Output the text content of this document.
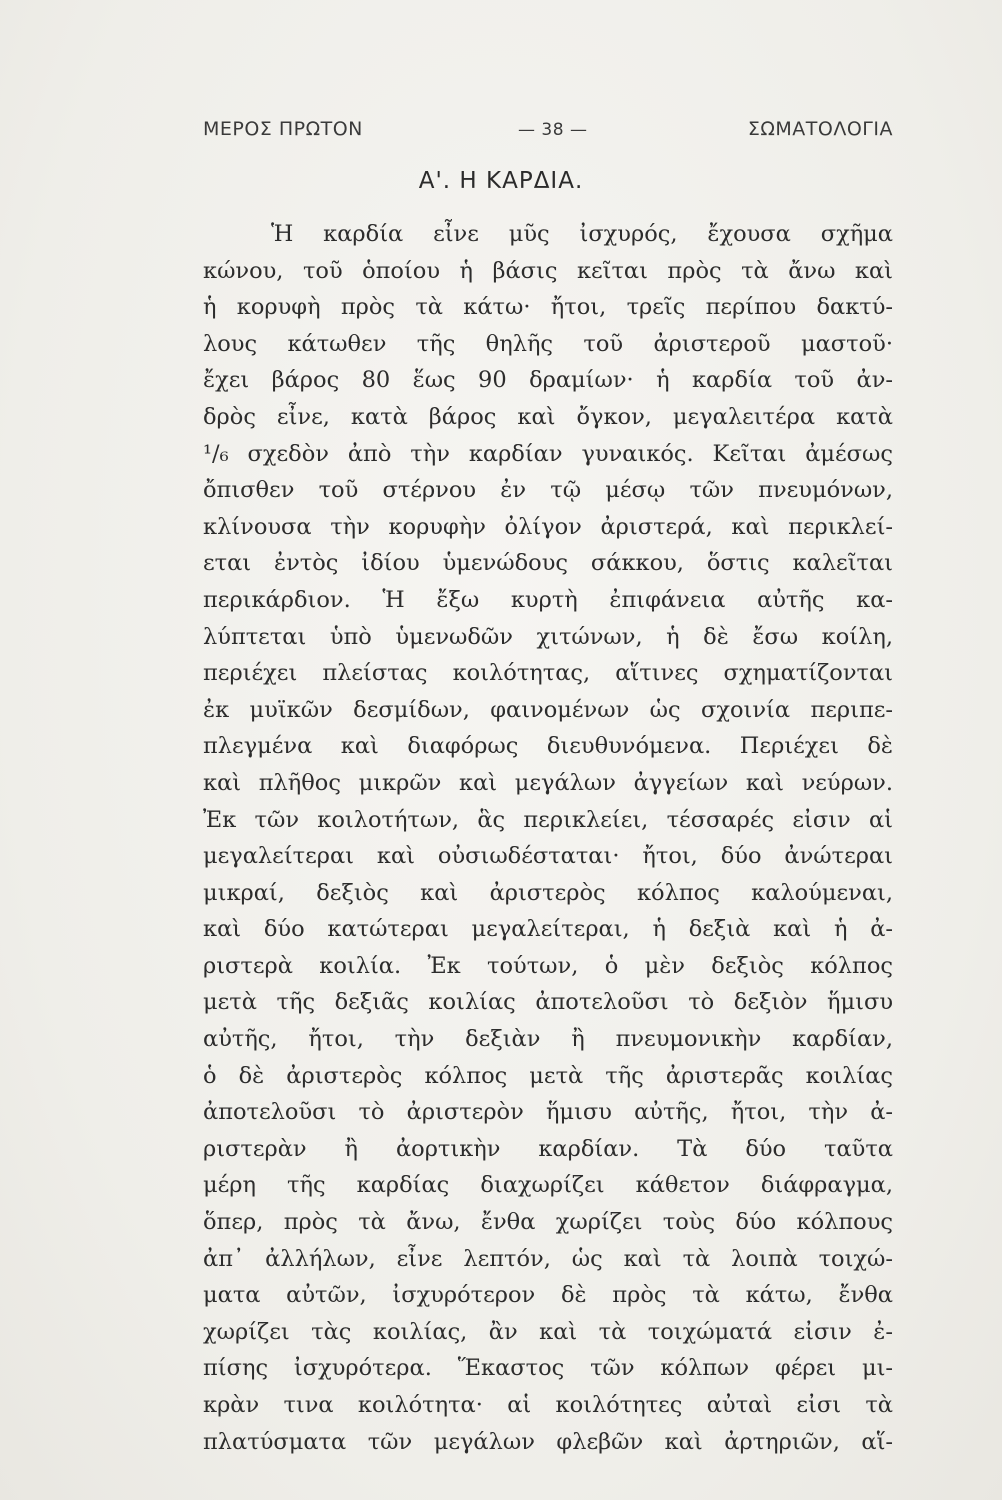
ΜΕΡΟΣ ΠΡΩΤΟΝ	— 38 —	ΣΩΜΑΤΟΛΟΓΙΑ
Α'. Η ΚΑΡΔΙΑ.
Ἡ καρδία εἶνε μῦς ἰσχυρός, ἔχουσα σχῆμα
κώνου, τοῦ ὁποίου ἡ βάσις κεῖται πρὸς τὰ ἄνω καὶ
ἡ κορυφὴ πρὸς τὰ κάτω· ἤτοι, τρεῖς περίπου δακτύ-
λους κάτωθεν τῆς θηλῆς τοῦ ἀριστεροῦ μαστοῦ·
ἔχει βάρος 80 ἕως 90 δραμίων· ἡ καρδία τοῦ ἀν-
δρὸς εἶνε, κατὰ βάρος καὶ ὄγκον, μεγαλειτέρα κατὰ
¹/₆ σχεδὸν ἀπὸ τὴν καρδίαν γυναικός. Κεῖται ἀμέσως
ὄπισθεν τοῦ στέρνου ἐν τῷ μέσῳ τῶν πνευμόνων,
κλίνουσα τὴν κορυφὴν ὀλίγον ἀριστερά, καὶ περικλεί-
εται ἐντὸς ἰδίου ὑμενώδους σάκκου, ὅστις καλεῖται
περικάρδιον. Ἡ ἔξω κυρτὴ ἐπιφάνεια αὐτῆς κα-
λύπτεται ὑπὸ ὑμενωδῶν χιτώνων, ἡ δὲ ἔσω κοίλη,
περιέχει πλείστας κοιλότητας, αἵτινες σχηματίζονται
ἐκ μυϊκῶν δεσμίδων, φαινομένων ὡς σχοινία περιπε-
πλεγμένα καὶ διαφόρως διευθυνόμενα. Περιέχει δὲ
καὶ πλῆθος μικρῶν καὶ μεγάλων ἀγγείων καὶ νεύρων.
Ἐκ τῶν κοιλοτήτων, ἃς περικλείει, τέσσαρές εἰσιν αἱ
μεγαλείτεραι καὶ οὐσιωδέσταται· ἤτοι, δύο ἀνώτεραι
μικραί, δεξιὸς καὶ ἀριστερὸς κόλπος καλούμεναι,
καὶ δύο κατώτεραι μεγαλείτεραι, ἡ δεξιὰ καὶ ἡ ἀ-
ριστερὰ κοιλία. Ἐκ τούτων, ὁ μὲν δεξιὸς κόλπος
μετὰ τῆς δεξιᾶς κοιλίας ἀποτελοῦσι τὸ δεξιὸν ἥμισυ
αὐτῆς, ἤτοι, τὴν δεξιὰν ἢ πνευμονικὴν καρδίαν,
ὁ δὲ ἀριστερὸς κόλπος μετὰ τῆς ἀριστερᾶς κοιλίας
ἀποτελοῦσι τὸ ἀριστερὸν ἥμισυ αὐτῆς, ἤτοι, τὴν ἀ-
ριστερὰν ἢ ἀορτικὴν καρδίαν. Τὰ δύο ταῦτα
μέρη τῆς καρδίας διαχωρίζει κάθετον διάφραγμα,
ὅπερ, πρὸς τὰ ἄνω, ἔνθα χωρίζει τοὺς δύο κόλπους
ἀπ᾽ ἀλλήλων, εἶνε λεπτόν, ὡς καὶ τὰ λοιπὰ τοιχώ-
ματα αὐτῶν, ἰσχυρότερον δὲ πρὸς τὰ κάτω, ἔνθα
χωρίζει τὰς κοιλίας, ἂν καὶ τὰ τοιχώματά εἰσιν ἐ-
πίσης ἰσχυρότερα. Ἕκαστος τῶν κόλπων φέρει μι-
κρὰν τινα κοιλότητα· αἱ κοιλότητες αὐταὶ εἰσι τὰ
πλατύσματα τῶν μεγάλων φλεβῶν καὶ ἀρτηριῶν, αἵ-
